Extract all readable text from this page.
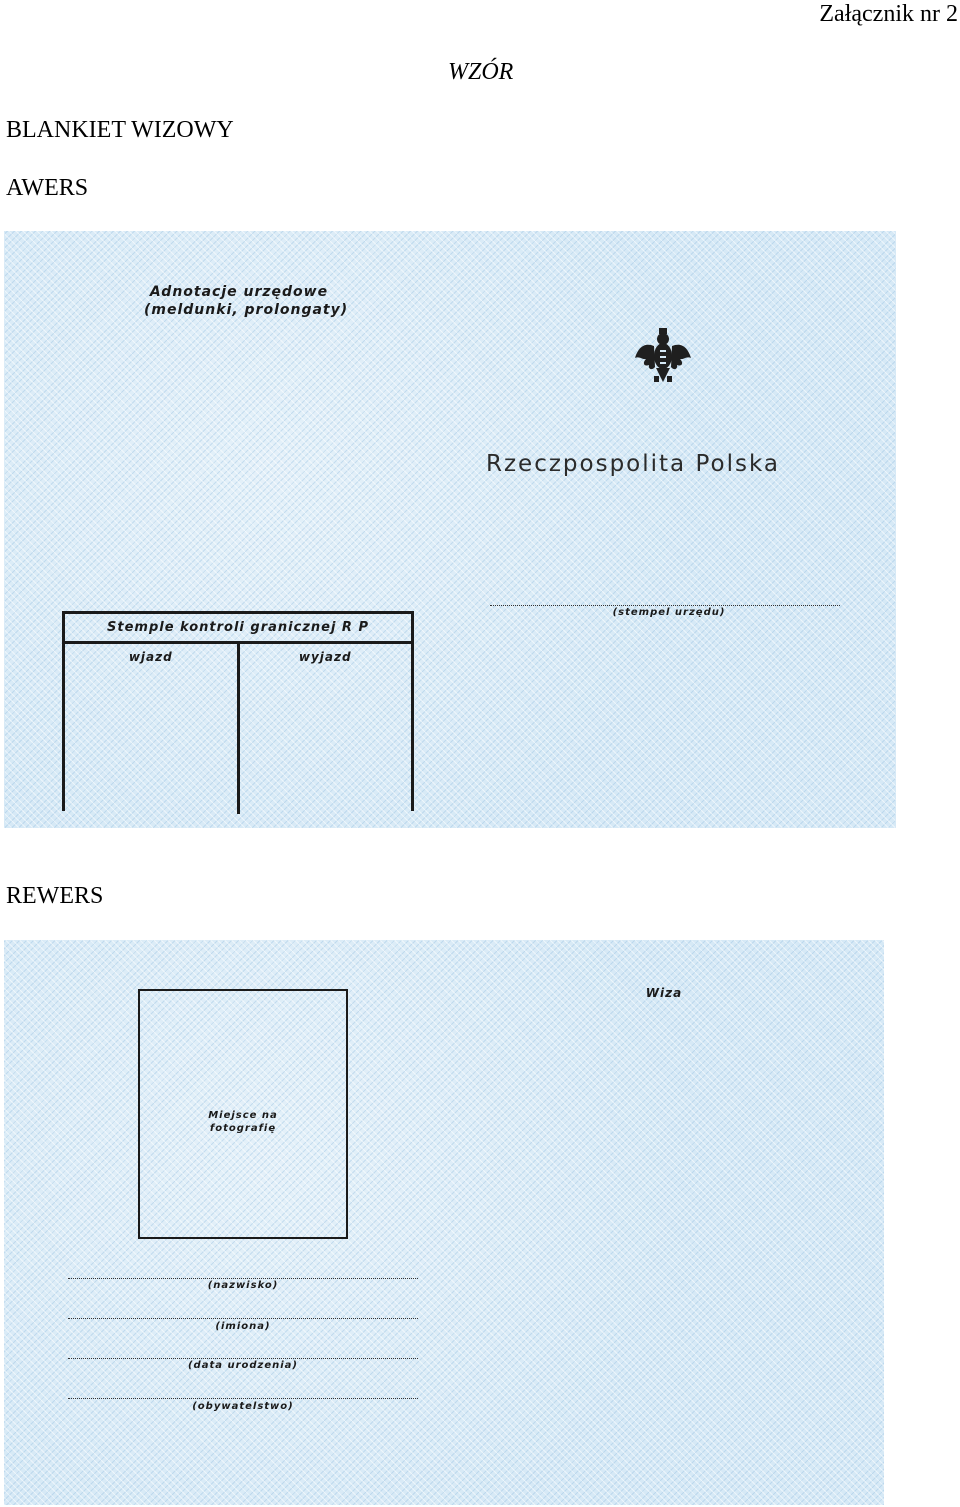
Załącznik nr 2
WZÓR
BLANKIET WIZOWY
AWERS
Adnotacje urzędowe
(meldunki, prolongaty)
Rzeczpospolita Polska
(stempel urzędu)
Stemple kontroli granicznej R P
wjazd	wyjazd
REWERS
Miejsce na
fotografię
Wiza
(nazwisko)
(imiona)
(data urodzenia)
(obywatelstwo)
